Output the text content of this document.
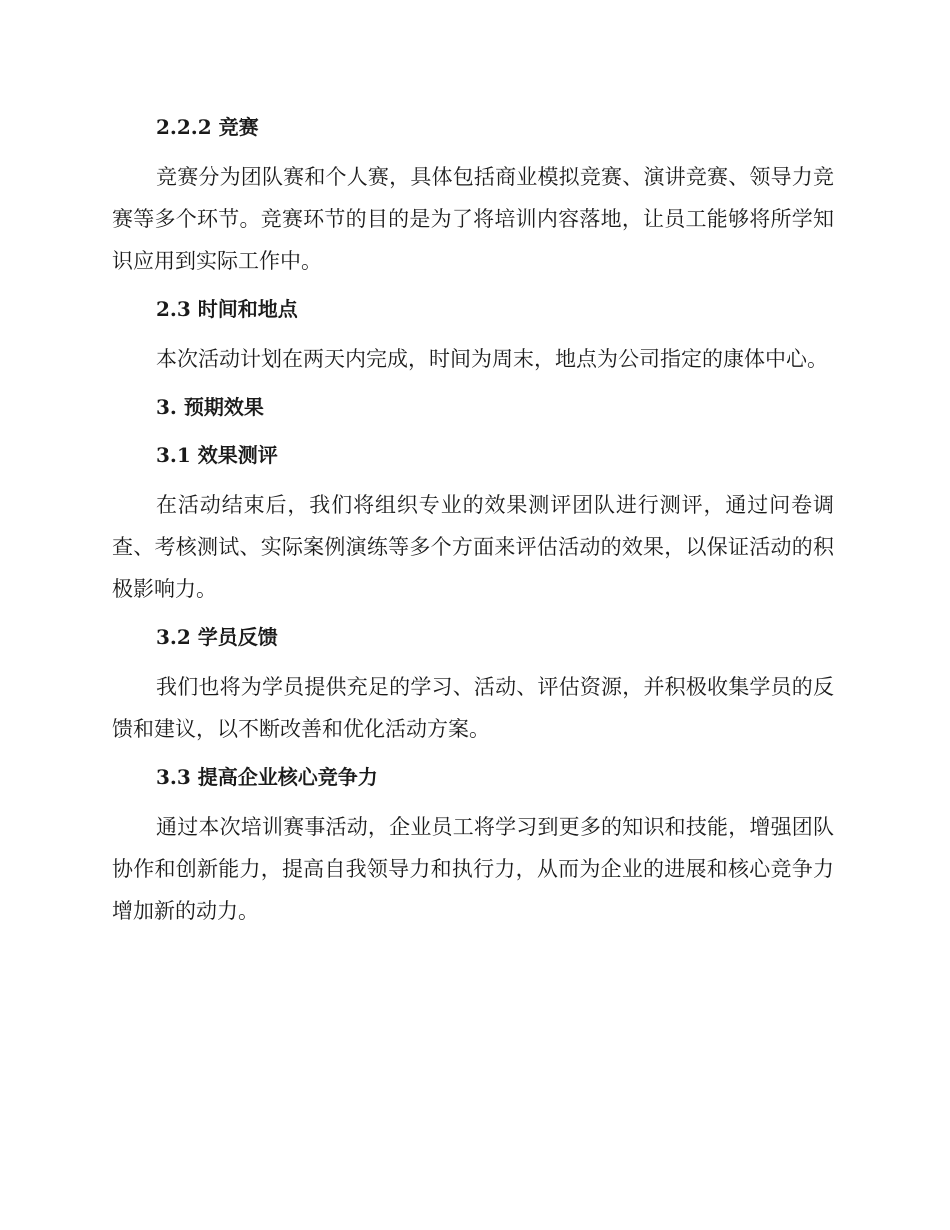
2.2.2 竞赛
竞赛分为团队赛和个人赛，具体包括商业模拟竞赛、演讲竞赛、领导力竞赛等多个环节。竞赛环节的目的是为了将培训内容落地，让员工能够将所学知识应用到实际工作中。
2.3 时间和地点
本次活动计划在两天内完成，时间为周末，地点为公司指定的康体中心。
3. 预期效果
3.1 效果测评
在活动结束后，我们将组织专业的效果测评团队进行测评，通过问卷调查、考核测试、实际案例演练等多个方面来评估活动的效果，以保证活动的积极影响力。
3.2 学员反馈
我们也将为学员提供充足的学习、活动、评估资源，并积极收集学员的反馈和建议，以不断改善和优化活动方案。
3.3 提高企业核心竞争力
通过本次培训赛事活动，企业员工将学习到更多的知识和技能，增强团队协作和创新能力，提高自我领导力和执行力，从而为企业的进展和核心竞争力增加新的动力。
